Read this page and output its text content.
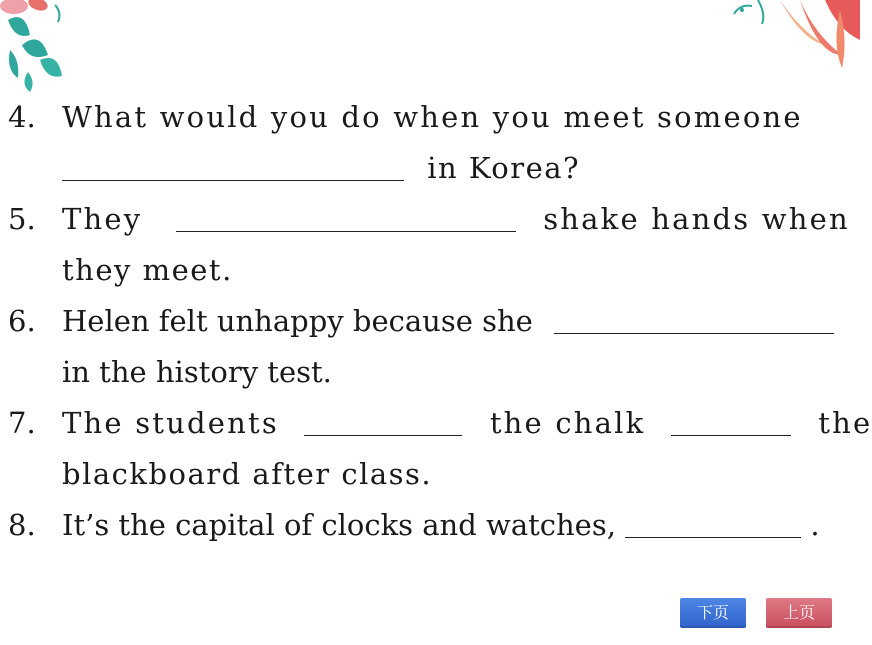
4. What would you do when you meet someone
in Korea?
5. They	shake hands when
they meet.
6. Helen felt unhappy because she
in the history test.
7. The students	the chalk	the
blackboard after class.
8. It’s the capital of clocks and watches,	.
下页	上页
